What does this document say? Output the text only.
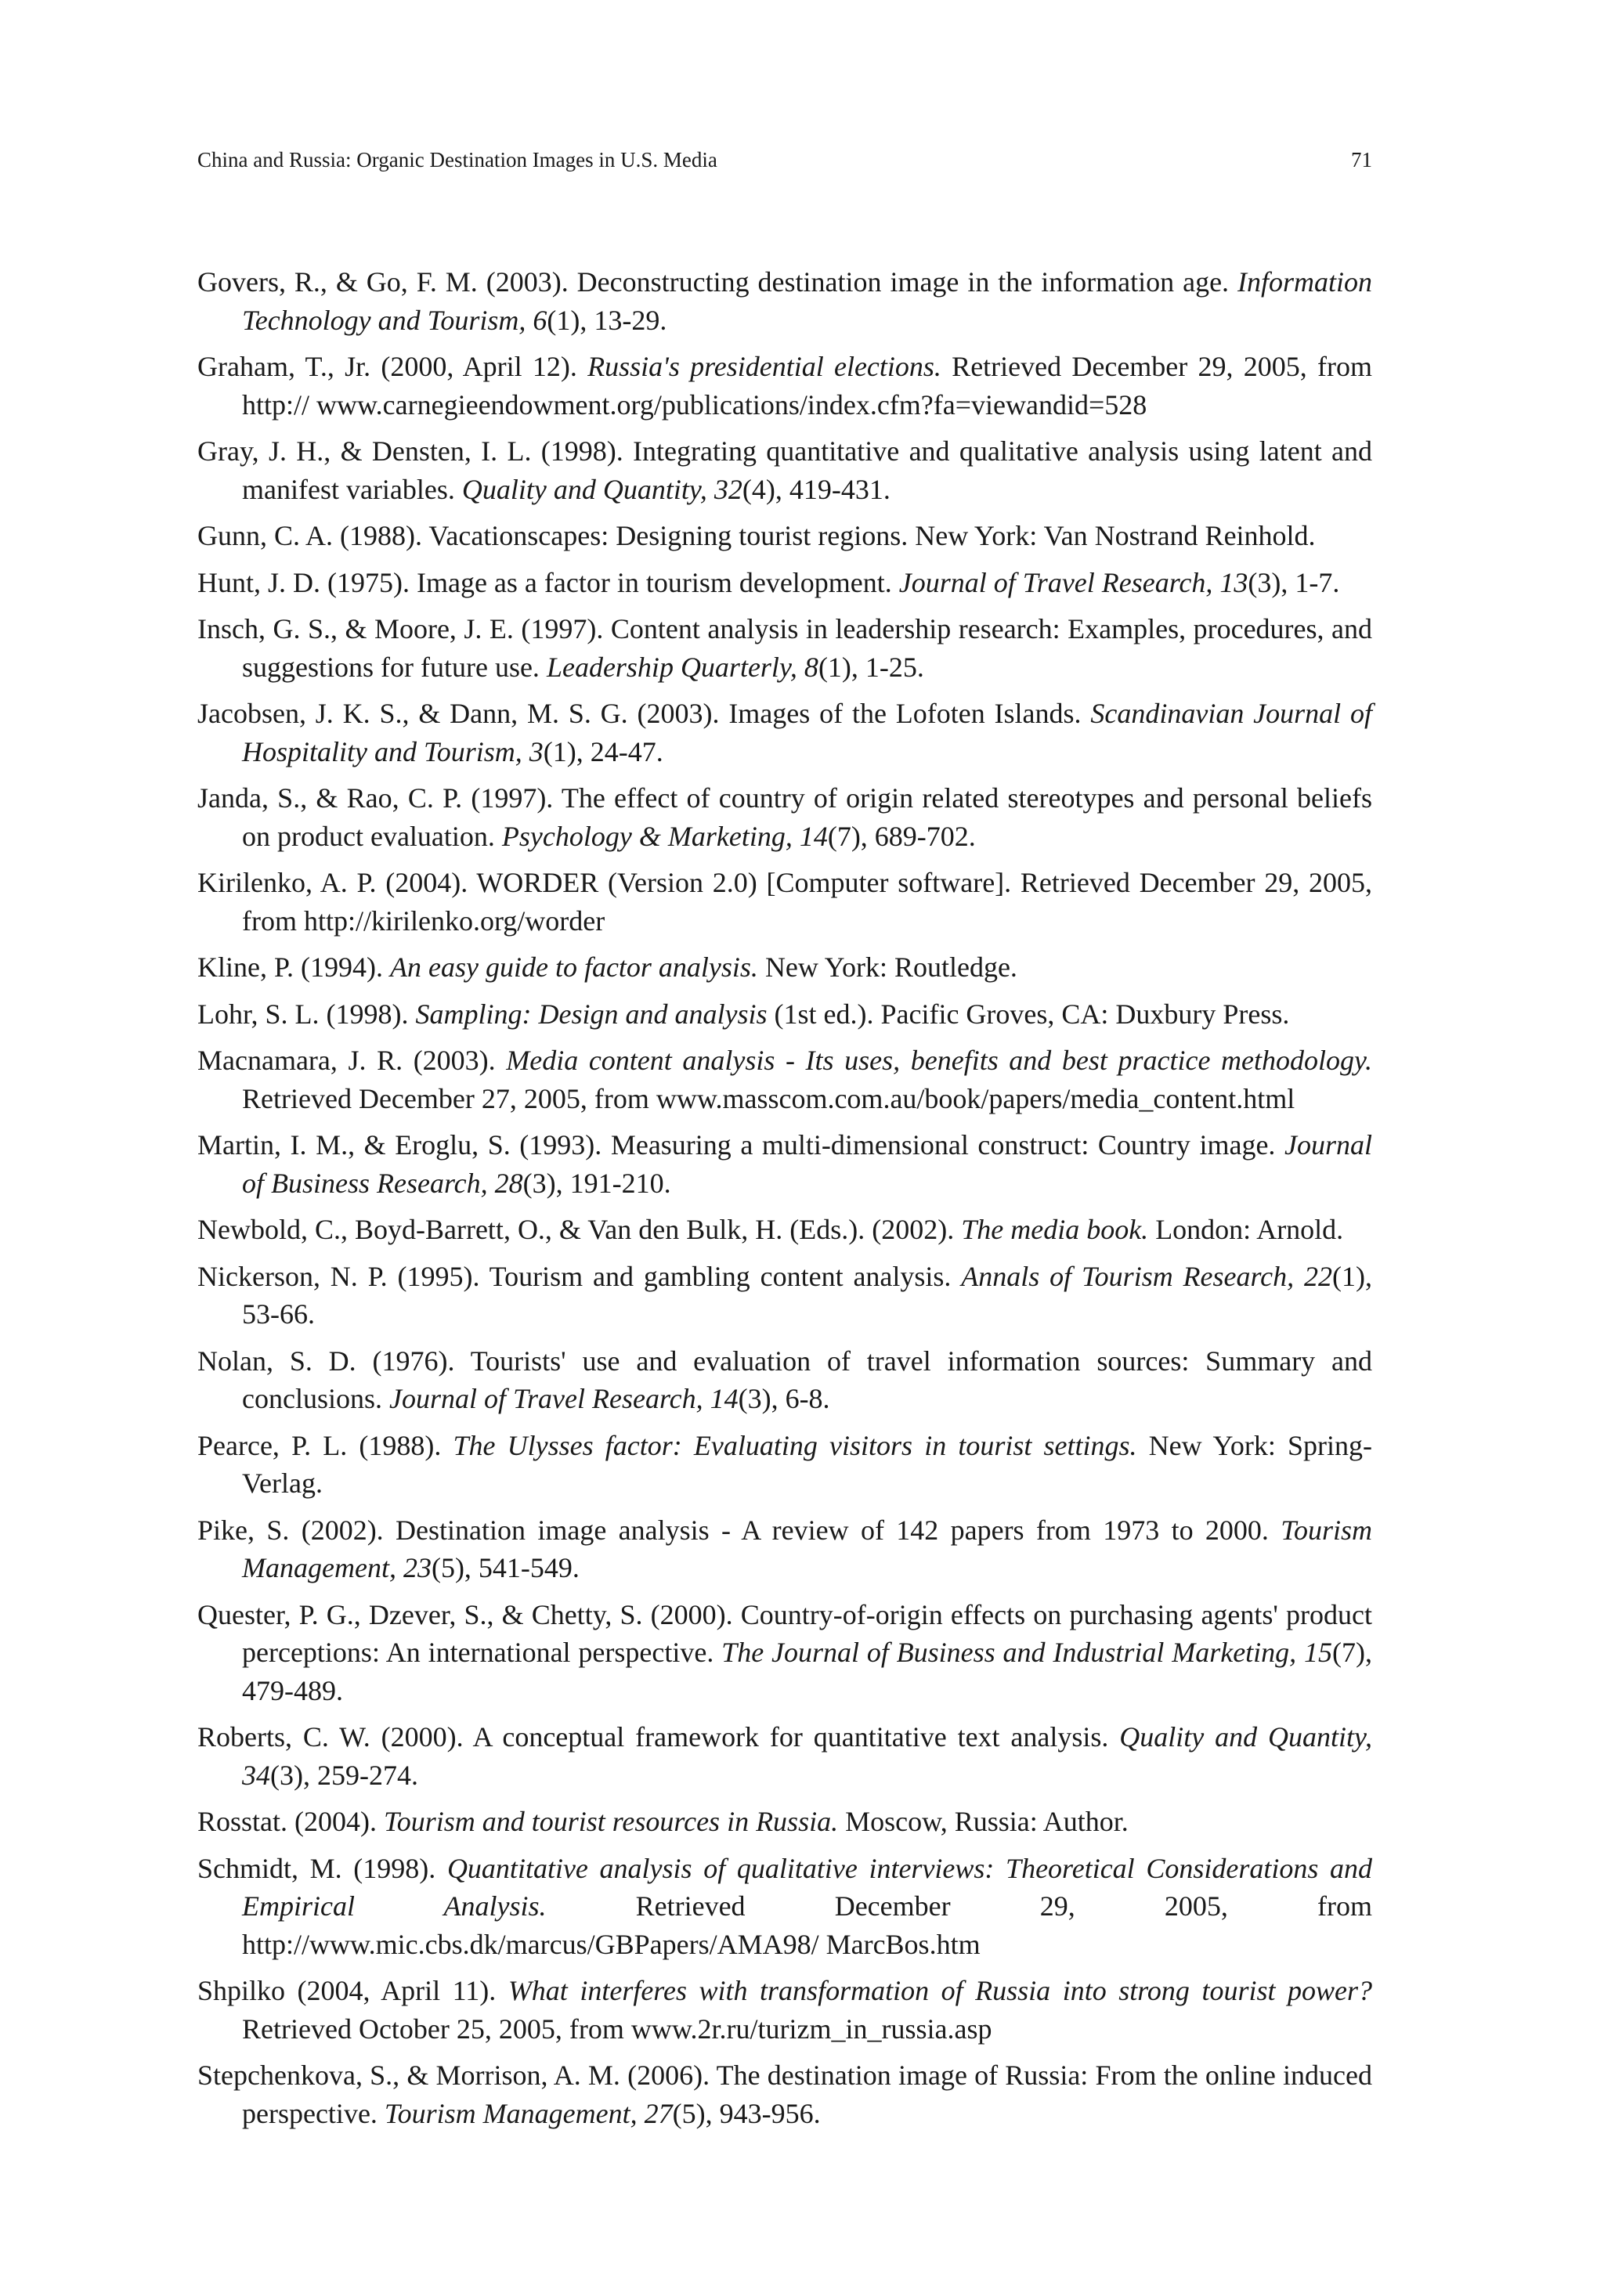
China and Russia: Organic Destination Images in U.S. Media	71

Govers, R., & Go, F. M. (2003). Deconstructing destination image in the information age. Information Technology and Tourism, 6(1), 13-29.

Graham, T., Jr. (2000, April 12). Russia's presidential elections. Retrieved December 29, 2005, from http:// www.carnegieendowment.org/publications/index.cfm?fa=viewandid=528

Gray, J. H., & Densten, I. L. (1998). Integrating quantitative and qualitative analysis using latent and manifest variables. Quality and Quantity, 32(4), 419-431.

Gunn, C. A. (1988). Vacationscapes: Designing tourist regions. New York: Van Nostrand Reinhold.

Hunt, J. D. (1975). Image as a factor in tourism development. Journal of Travel Research, 13(3), 1-7.

Insch, G. S., & Moore, J. E. (1997). Content analysis in leadership research: Examples, procedures, and suggestions for future use. Leadership Quarterly, 8(1), 1-25.

Jacobsen, J. K. S., & Dann, M. S. G. (2003). Images of the Lofoten Islands. Scandinavian Journal of Hospitality and Tourism, 3(1), 24-47.

Janda, S., & Rao, C. P. (1997). The effect of country of origin related stereotypes and personal beliefs on product evaluation. Psychology & Marketing, 14(7), 689-702.

Kirilenko, A. P. (2004). WORDER (Version 2.0) [Computer software]. Retrieved December 29, 2005, from http://kirilenko.org/worder

Kline, P. (1994). An easy guide to factor analysis. New York: Routledge.

Lohr, S. L. (1998). Sampling: Design and analysis (1st ed.). Pacific Groves, CA: Duxbury Press.

Macnamara, J. R. (2003). Media content analysis - Its uses, benefits and best practice methodology. Retrieved December 27, 2005, from www.masscom.com.au/book/papers/media_content.html

Martin, I. M., & Eroglu, S. (1993). Measuring a multi-dimensional construct: Country image. Journal of Business Research, 28(3), 191-210.

Newbold, C., Boyd-Barrett, O., & Van den Bulk, H. (Eds.). (2002). The media book. London: Arnold.

Nickerson, N. P. (1995). Tourism and gambling content analysis. Annals of Tourism Research, 22(1), 53-66.

Nolan, S. D. (1976). Tourists' use and evaluation of travel information sources: Summary and conclusions. Journal of Travel Research, 14(3), 6-8.

Pearce, P. L. (1988). The Ulysses factor: Evaluating visitors in tourist settings. New York: Spring-Verlag.

Pike, S. (2002). Destination image analysis - A review of 142 papers from 1973 to 2000. Tourism Management, 23(5), 541-549.

Quester, P. G., Dzever, S., & Chetty, S. (2000). Country-of-origin effects on purchasing agents' product perceptions: An international perspective. The Journal of Business and Industrial Marketing, 15(7), 479-489.

Roberts, C. W. (2000). A conceptual framework for quantitative text analysis. Quality and Quantity, 34(3), 259-274.

Rosstat. (2004). Tourism and tourist resources in Russia. Moscow, Russia: Author.

Schmidt, M. (1998). Quantitative analysis of qualitative interviews: Theoretical Considerations and Empirical Analysis. Retrieved December 29, 2005, from http://www.mic.cbs.dk/marcus/GBPapers/AMA98/ MarcBos.htm

Shpilko (2004, April 11). What interferes with transformation of Russia into strong tourist power? Retrieved October 25, 2005, from www.2r.ru/turizm_in_russia.asp

Stepchenkova, S., & Morrison, A. M. (2006). The destination image of Russia: From the online induced perspective. Tourism Management, 27(5), 943-956.
